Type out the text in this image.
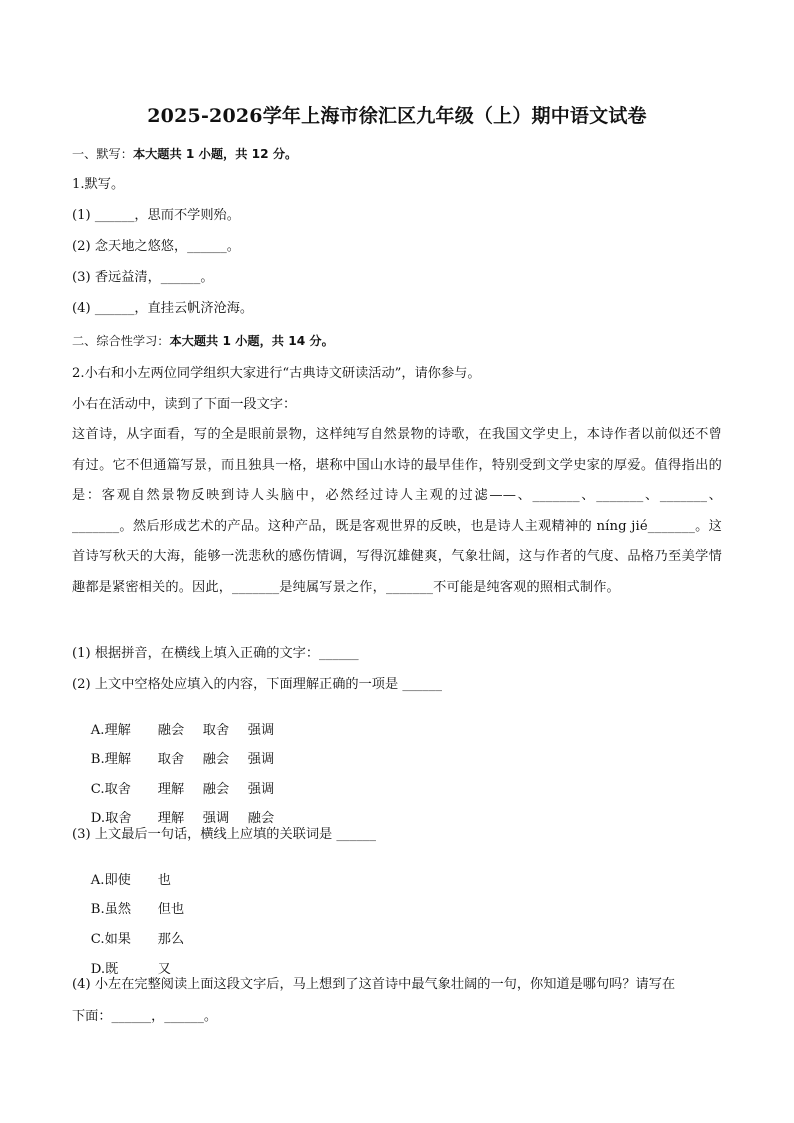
2025-2026学年上海市徐汇区九年级（上）期中语文试卷
一、默写：本大题共 1 小题，共 12 分。
1.默写。
(1) ______，思而不学则殆。
(2) 念天地之悠悠，______。
(3) 香远益清，______。
(4) ______，直挂云帆济沧海。
二、综合性学习：本大题共 1 小题，共 14 分。
2.小右和小左两位同学组织大家进行“古典诗文研读活动”，请你参与。
小右在活动中，读到了下面一段文字：
这首诗，从字面看，写的全是眼前景物，这样纯写自然景物的诗歌，在我国文学史上，本诗作者以前似还不曾有过。它不但通篇写景，而且独具一格，堪称中国山水诗的最早佳作，特别受到文学史家的厚爱。值得指出的是：客观自然景物反映到诗人头脑中，必然经过诗人主观的过滤——、_______、_______、_______、_______。然后形成艺术的产品。这种产品，既是客观世界的反映，也是诗人主观精神的 níng jié_______。这首诗写秋天的大海，能够一洗悲秋的感伤情调，写得沉雄健爽，气象壮阔，这与作者的气度、品格乃至美学情趣都是紧密相关的。因此，_______是纯属写景之作，_______不可能是纯客观的照相式制作。
(1) 根据拼音，在横线上填入正确的文字：______
(2) 上文中空格处应填入的内容，下面理解正确的一项是 ______

A.理解 融会 取舍 强调

B.理解 取舍 融会 强调

C.取舍 理解 融会 强调

D.取舍 理解 强调 融会

(3) 上文最后一句话，横线上应填的关联词是 ______

A.即使 也

B.虽然 但也

C.如果 那么

D.既	又

(4) 小左在完整阅读上面这段文字后，马上想到了这首诗中最气象壮阔的一句，你知道是哪句吗？请写在
下面：______，______。
